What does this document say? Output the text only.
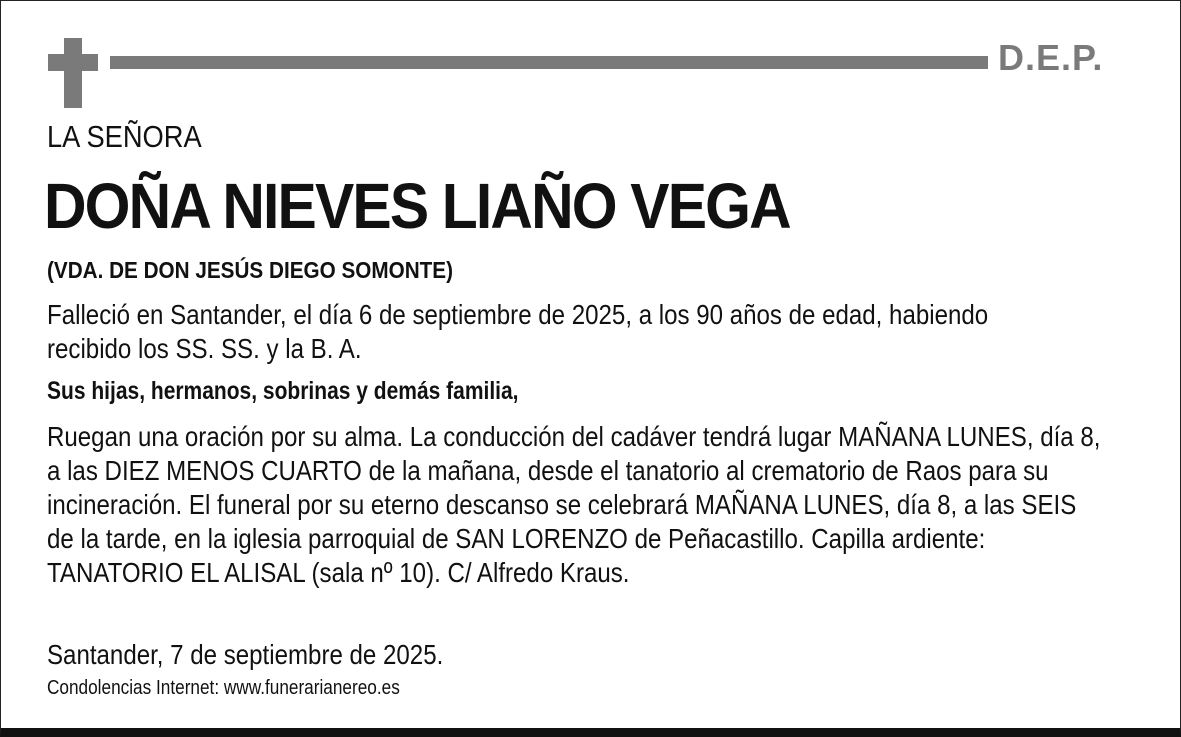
D.E.P.
LA SEÑORA
DOÑA NIEVES LIAÑO VEGA
(VDA. DE DON JESÚS DIEGO SOMONTE)
Falleció en Santander, el día 6 de septiembre de 2025, a los 90 años de edad, habiendo recibido los SS. SS. y la B. A.
Sus hijas, hermanos, sobrinas y demás familia,
Ruegan una oración por su alma. La conducción del cadáver tendrá lugar MAÑANA LUNES, día 8, a las DIEZ MENOS CUARTO de la mañana, desde el tanatorio al crematorio de Raos para su incineración. El funeral por su eterno descanso se celebrará MAÑANA LUNES, día 8, a las SEIS de la tarde, en la iglesia parroquial de SAN LORENZO de Peñacastillo. Capilla ardiente: TANATORIO EL ALISAL (sala nº 10). C/ Alfredo Kraus.
Santander, 7 de septiembre de 2025.
Condolencias Internet: www.funerarianereo.es
